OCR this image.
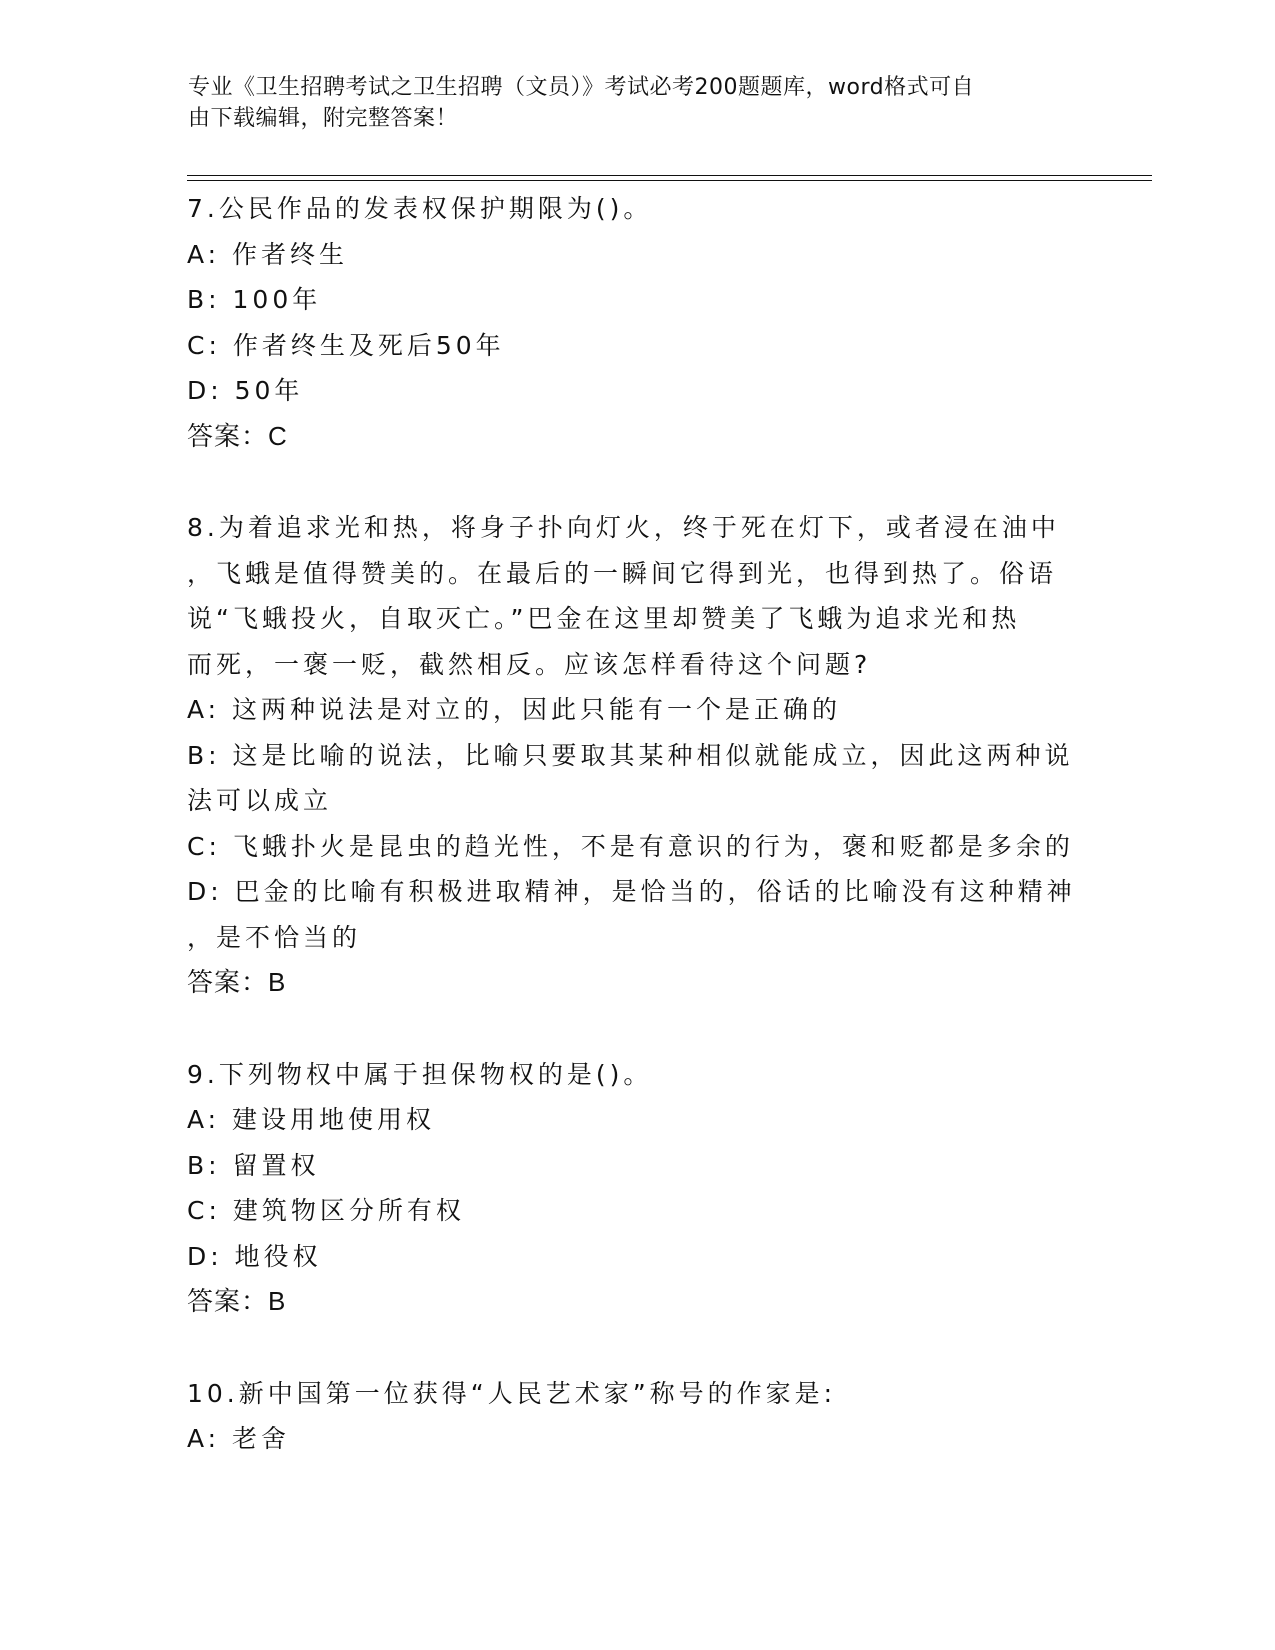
专业《卫生招聘考试之卫生招聘（文员）》考试必考200题题库，word格式可自
由下载编辑，附完整答案！
7.公民作品的发表权保护期限为()。
A: 作者终生
B: 100年
C: 作者终生及死后50年
D: 50年
答案：C
8.为着追求光和热，将身子扑向灯火，终于死在灯下，或者浸在油中
，飞蛾是值得赞美的。在最后的一瞬间它得到光，也得到热了。俗语
说“飞蛾投火，自取灭亡。”巴金在这里却赞美了飞蛾为追求光和热
而死，一褒一贬，截然相反。应该怎样看待这个问题?
A: 这两种说法是对立的，因此只能有一个是正确的
B: 这是比喻的说法，比喻只要取其某种相似就能成立，因此这两种说
法可以成立
C: 飞蛾扑火是昆虫的趋光性，不是有意识的行为，褒和贬都是多余的
D: 巴金的比喻有积极进取精神，是恰当的，俗话的比喻没有这种精神
，是不恰当的
答案：B
9.下列物权中属于担保物权的是()。
A: 建设用地使用权
B: 留置权
C: 建筑物区分所有权
D: 地役权
答案：B
10.新中国第一位获得“人民艺术家”称号的作家是:
A: 老舍
